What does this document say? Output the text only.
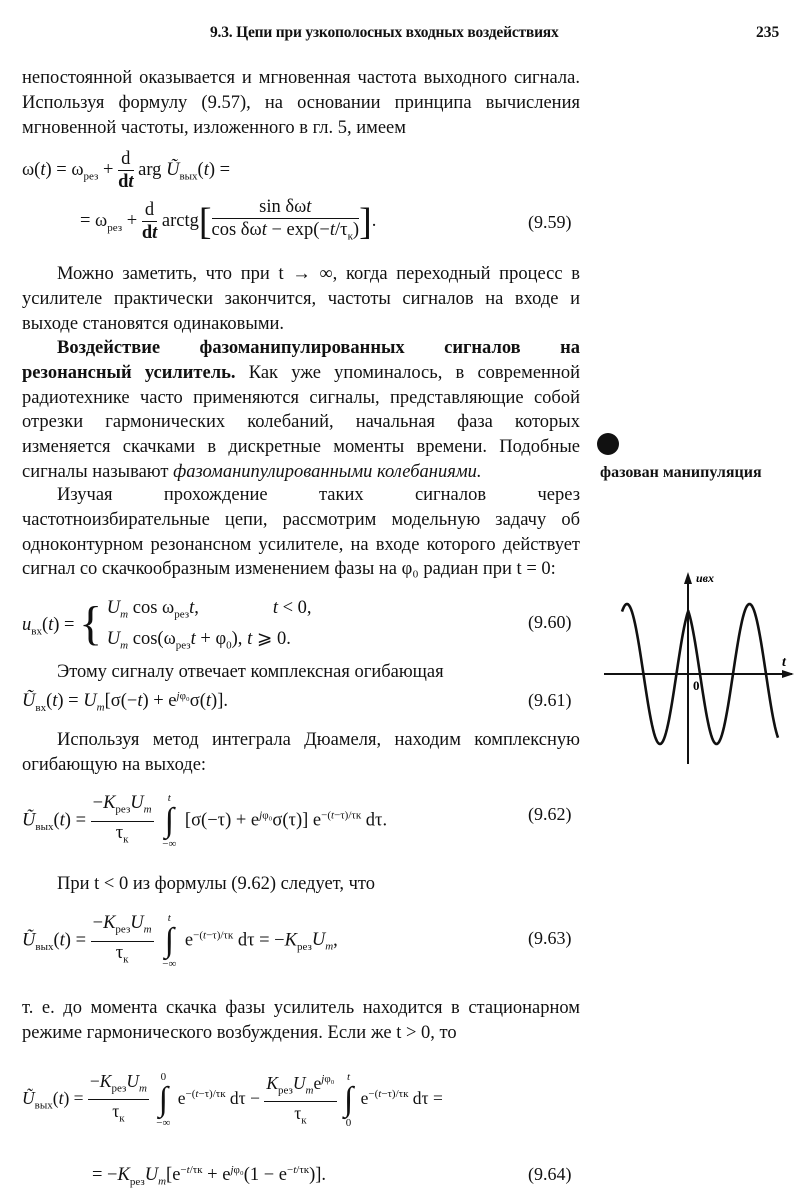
9.3. Цепи при узкополосных входных воздействиях	235

непостоянной оказывается и мгновенная частота выходного сигнала. Используя формулу (9.57), на основании принципа вычисления мгновенной частоты, изложенного в гл. 5, имеем

$\omega(t) = \omega_{рез} + \frac{d}{dt}$ arg $Ũ_{вых}(t)$ =
= $\omega_{рез} + \frac{d}{dt}$ arctg[ $\frac{\text{sin δωt}}{\cos \delta\omega t - \exp(-t/\tau_к)}$ ].	(9.59)

Можно заметить, что при t → ∞, когда переходный процесс в усилителе практически закончится, частоты сигналов на входе и выходе становятся одинаковыми.

Воздействие фазоманипулированных сигналов на резонансный усилитель. Как уже упоминалось, в современной радиотехнике часто применяются сигналы, представляющие собой отрезки гармонических колебаний, начальная фаза которых изменяется скачками в дискретные моменты времени. Подобные сигналы называют фазоманипулированными колебаниями.	фазован манипуляция

Изучая прохождение таких сигналов через частотноизбирательные цепи, рассмотрим модельную задачу об одноконтурном резонансном усилителе, на входе которого действует сигнал со скачкообразным изменением фазы на φ₀ радиан при t = 0:

$u_{вх}(t)$ = { $U_m$ $\cos \omega_{рез}t$,                t < 0,
$U_m$ $\cos(\omega_{рез}t + \varphi_0)$, t ⩾ 0.
(9.60)

Этому сигналу отвечает комплексная огибающая

$Ũ_{вх}(t) = U_m[\sigma(-t) + e^{j\varphi_0}\sigma(t)]$.	(9.61)

Используя метод интеграла Дюамеля, находим комплексную огибающую на выходе:

$Ũ_{вых}(t) = \frac{-K_{рез}U_m}{\tau_к}$
	t
∫
−∞
$[\sigma(-\tau) + e^{j\varphi_0}\sigma(\tau)]$ $e^{-(t-\tau)/\tau к}$ dτ.	(9.62)

При t < 0 из формулы (9.62) следует, что

$Ũ_{вых}(t) = \frac{-K_{рез}U_m}{\tau_к}$
	t
∫
−∞
$e^{-(t-\tau)/\tau к}$ $d\tau = -K_{рез}U_m$,	(9.63)

т. е. до момента скачка фазы усилитель находится в стационарном режиме гармонического возбуждения. Если же t > 0, то

$Ũ_{вых}(t) = \frac{-K_{рез}U_m}{\tau_к}$
	0
∫
−∞
$e^{-(t-\tau)/\tau к}$ $d\tau - \frac{K_{рез}U_me^{j\varphi_0}}{\tau_к}$
t
∫
0
$e^{-(t-\tau)/\tau к}$ dτ =
= $-K_{рез}U_m[e^{-t/\tau к} + e^{j\varphi_0}(1 - e^{-t/\tau к})]$.	(9.64)
uвх
t
0
